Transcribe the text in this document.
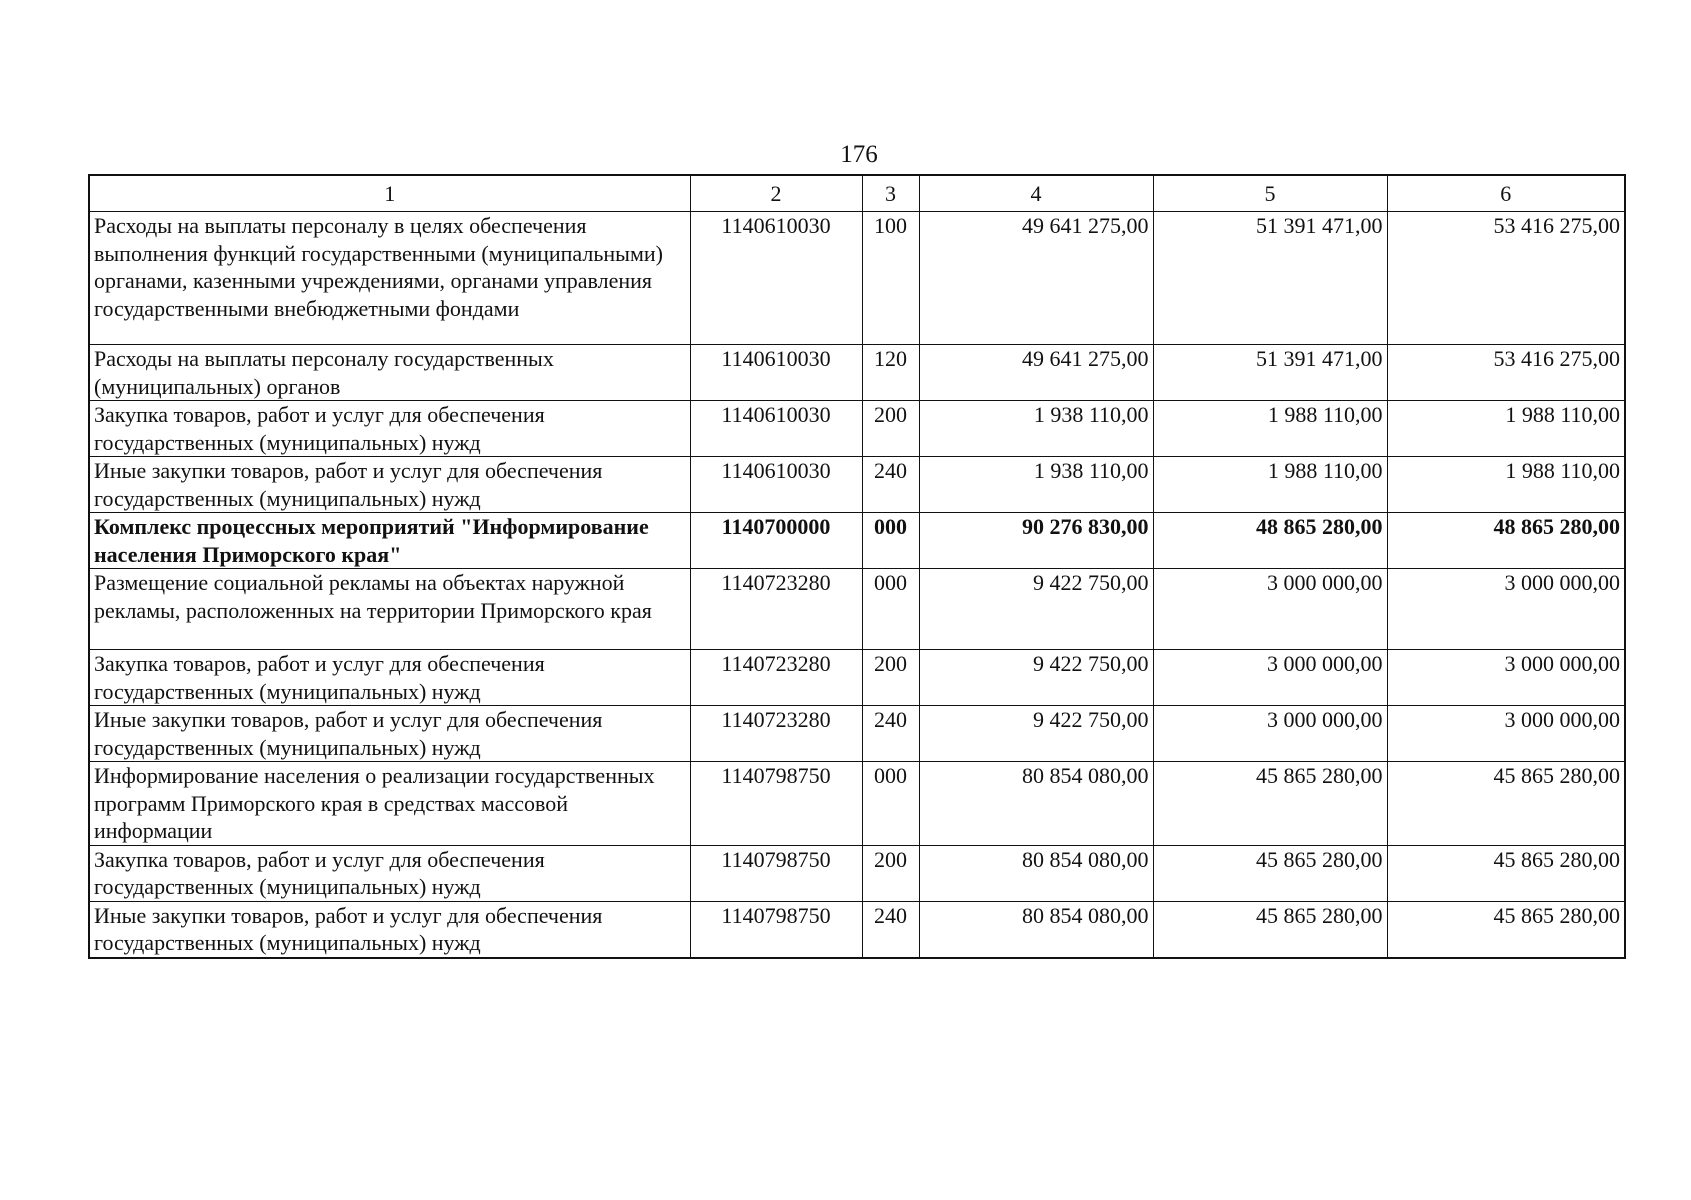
176
1	2	3	4	5	6
Расходы на выплаты персоналу в целях обеспечения выполнения функций государственными (муниципальными) органами, казенными учреждениями, органами управления государственными внебюджетными фондами	1140610030	100	49 641 275,00	51 391 471,00	53 416 275,00
Расходы на выплаты персоналу государственных (муниципальных) органов	1140610030	120	49 641 275,00	51 391 471,00	53 416 275,00
Закупка товаров, работ и услуг для обеспечения государственных (муниципальных) нужд	1140610030	200	1 938 110,00	1 988 110,00	1 988 110,00
Иные закупки товаров, работ и услуг для обеспечения государственных (муниципальных) нужд	1140610030	240	1 938 110,00	1 988 110,00	1 988 110,00
Комплекс процессных мероприятий "Информирование населения Приморского края"	1140700000	000	90 276 830,00	48 865 280,00	48 865 280,00
Размещение социальной рекламы на объектах наружной рекламы, расположенных на территории Приморского края	1140723280	000	9 422 750,00	3 000 000,00	3 000 000,00
Закупка товаров, работ и услуг для обеспечения государственных (муниципальных) нужд	1140723280	200	9 422 750,00	3 000 000,00	3 000 000,00
Иные закупки товаров, работ и услуг для обеспечения государственных (муниципальных) нужд	1140723280	240	9 422 750,00	3 000 000,00	3 000 000,00
Информирование населения о реализации государственных программ Приморского края в средствах массовой информации	1140798750	000	80 854 080,00	45 865 280,00	45 865 280,00
Закупка товаров, работ и услуг для обеспечения государственных (муниципальных) нужд	1140798750	200	80 854 080,00	45 865 280,00	45 865 280,00
Иные закупки товаров, работ и услуг для обеспечения государственных (муниципальных) нужд	1140798750	240	80 854 080,00	45 865 280,00	45 865 280,00
